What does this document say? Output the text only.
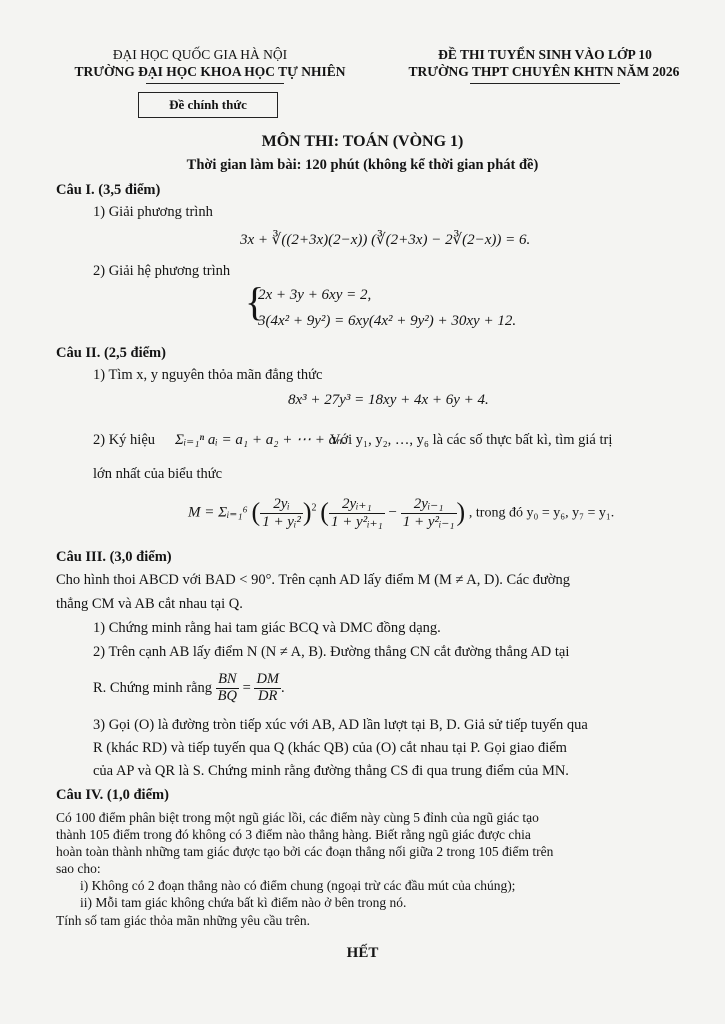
ĐẠI HỌC QUỐC GIA HÀ NỘI
TRƯỜNG ĐẠI HỌC KHOA HỌC TỰ NHIÊN
ĐỀ THI TUYỂN SINH VÀO LỚP 10
TRƯỜNG THPT CHUYÊN KHTN NĂM 2026
Đề chính thức
MÔN THI: TOÁN (VÒNG 1)
Thời gian làm bài: 120 phút (không kể thời gian phát đề)
Câu I. (3,5 điểm)
1) Giải phương trình
3x + ∛((2+3x)(2−x)) (∛(2+3x) − 2∛(2−x)) = 6.
2) Giải hệ phương trình
{
2x + 3y + 6xy = 2,
3(4x² + 9y²) = 6xy(4x² + 9y²) + 30xy + 12.
Câu II. (2,5 điểm)
1) Tìm x, y nguyên thỏa mãn đẳng thức
8x³ + 27y³ = 18xy + 4x + 6y + 4.
2) Ký hiệu Σᵢ₌₁ⁿ aᵢ = a₁ + a₂ + ⋯ + aₙ.
Với y₁, y₂, …, y₆ là các số thực bất kì, tìm giá trị
lớn nhất của biểu thức
M = Σᵢ₌₁⁶ ( $\frac{\text{2yᵢ}}{\text{1 + yᵢ²}} )^2$ ( $\frac{\text{2yᵢ₊₁}}{\text{1 + y²ᵢ₊₁}} - \frac{\text{2yᵢ₋₁}}{\text{1 + y²ᵢ₋₁}}$ ) , trong đó y₀ = y₆, y₇ = y₁.
Câu III. (3,0 điểm)
Cho hình thoi ABCD với BAD < 90°. Trên cạnh AD lấy điểm M (M ≠ A, D). Các đường
thẳng CM và AB cắt nhau tại Q.
1) Chứng minh rằng hai tam giác BCQ và DMC đồng dạng.
2) Trên cạnh AB lấy điểm N (N ≠ A, B). Đường thẳng CN cắt đường thẳng AD tại
R. Chứng minh rằng $\frac{BN}{BQ} = \frac{DM}{DR}$ .
3) Gọi (O) là đường tròn tiếp xúc với AB, AD lần lượt tại B, D. Giả sử tiếp tuyến qua
R (khác RD) và tiếp tuyến qua Q (khác QB) của (O) cắt nhau tại P. Gọi giao điểm
của AP và QR là S. Chứng minh rằng đường thẳng CS đi qua trung điểm của MN.
Câu IV. (1,0 điểm)
Có 100 điểm phân biệt trong một ngũ giác lồi, các điểm này cùng 5 đỉnh của ngũ giác tạo
thành 105 điểm trong đó không có 3 điểm nào thẳng hàng. Biết rằng ngũ giác được chia
hoàn toàn thành những tam giác được tạo bởi các đoạn thẳng nối giữa 2 trong 105 điểm trên
sao cho:
i) Không có 2 đoạn thẳng nào có điểm chung (ngoại trừ các đầu mút của chúng);
ii) Mỗi tam giác không chứa bất kì điểm nào ở bên trong nó.
Tính số tam giác thỏa mãn những yêu cầu trên.
HẾT
